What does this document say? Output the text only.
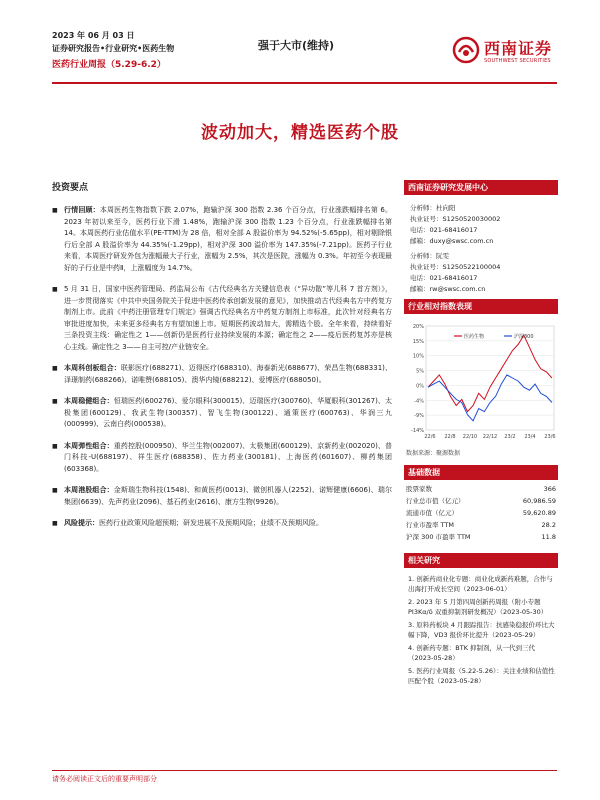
2023 年 06 月 03 日
证券研究报告•行业研究•医药生物
医药行业周报（5.29-6.2）
强于大市(维持)	西南证券
SOUTHWEST SECURITIES
波动加大，精选医药个股
投资要点
■ 行情回顾：本周医药生物指数下跌 2.07%，跑输沪深 300 指数 2.36 个百分点，行业涨跌幅排名第 6。2023 年初以来至今，医药行业下滑 1.48%，跑输沪深 300 指数 1.23 个百分点，行业涨跌幅排名第 14。本周医药行业估值水平(PE-TTM)为 28 倍，相对全部 A 股溢价率为 94.52%(-5.65pp)，相对剔除银行后全部 A 股溢价率为 44.35%(-1.29pp)，相对沪深 300 溢价率为 147.35%(-7.21pp)。医药子行业来看，本周医疗研发外包为涨幅最大子行业，涨幅为 2.5%，其次是医院，涨幅为 0.3%。年初至今表现最好的子行业是中药Ⅱ，上涨幅度为 14.7%。
■ 5 月 31 日，国家中医药管理局、药监局公布《古代经典名方关键信息表（“异功散”等儿科 7 首方剂）》，进一步贯彻落实《中共中央国务院关于促进中医药传承创新发展的意见》，加快推动古代经典名方中药复方制剂上市。此前《中药注册管理专门规定》强调古代经典名方中药复方制剂上市标准，此次针对经典名方审批进度加快，未来更多经典名方有望加速上市。短期医药波动加大，需精选个股。全年来看，持续看好三条投资主线：确定性之 1——创新仍是医药行业持续发展的本源；确定性之 2——疫后医药复苏亦是核心主线。确定性之 3——自主可控/产业链安全。
■ 本周科创板组合：联影医疗(688271)、迈得医疗(688310)、海泰新光(688677)、荣昌生物(688331)、泽璟制药(688266)、诺唯赞(688105)、澳华内镜(688212)、爱博医疗(688050)。
■ 本周稳健组合：恒瑞医药(600276)、爱尔眼科(300015)、迈瑞医疗(300760)、华厦眼科(301267)、太极集团(600129)、我武生物(300357)、智飞生物(300122)、通策医疗(600763)、华润三九(000999)、云南白药(000538)。
■ 本周弹性组合：重药控股(000950)、华兰生物(002007)、太极集团(600129)、京新药业(002020)、普门科技-U(688197)、祥生医疗(688358)、佐力药业(300181)、上海医药(601607)、柳药集团(603368)。
■ 本周港股组合：金斯瑞生物科技(1548)、和黄医药(0013)、微创机器人(2252)、诺辉健康(6606)、瑞尔集团(6639)、先声药业(2096)、基石药业(2616)、康方生物(9926)。
■ 风险提示：医药行业政策风险超预期；研发进展不及预期风险；业绩不及预期风险。
西南证券研究发展中心
分析师：杜向阳
执业证号：S1250520030002
电话：021-68416017
邮箱：duxy@swsc.com.cn
分析师：阮雯
执业证号：S1250522100004
电话：021-68416017
邮箱：rw@swsc.com.cn
行业相对指数表现
20%
15%
10%
5%
0%
-4%
-9%
-14%
22/6 22/8 22/10 22/12 23/2 23/4 23/6
医药生物	沪深300
数据来源：聚源数据
基础数据
股票家数	366
行业总市值（亿元）	60,986.59
流通市值（亿元）	59,620.89
行业市盈率 TTM	28.2
沪深 300 市盈率 TTM	11.8
相关研究
1. 创新药商业化专题：商业化成新药难题，合作与出海打开成长空间（2023-06-01）
2. 2023 年 5 月第四周创新药周报（附小专题 PI3Kα/δ 双重抑制剂研发概况）（2023-05-30）
3. 原料药板块 4 月跟踪报告：抗感染稳报价环比大幅下降，VD3 报价环比提升（2023-05-29）
4. 创新药专题：BTK 抑制剂，从一代到三代（2023-05-28）
5. 医药行业周报（5.22-5.26）：关注业绩和估值性匹配个股（2023-05-28）
请务必阅读正文后的重要声明部分
